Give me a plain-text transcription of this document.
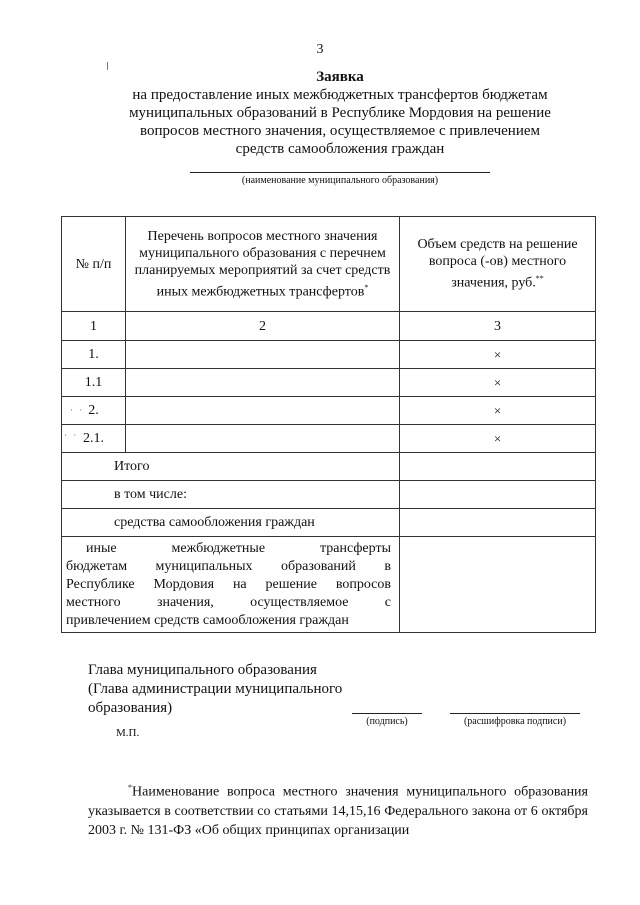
3
Заявка
на предоставление иных межбюджетных трансфертов бюджетам
муниципальных образований в Республике Мордовия на решение
вопросов местного значения, осуществляемое с привлечением
средств самообложения граждан
(наименование муниципального образования)
№ п/п	Перечень вопросов местного значения муниципального образования с перечнем планируемых мероприятий за счет средств иных межбюджетных трансфертов*	Объем средств на решение вопроса (-ов) местного значения, руб.**
1	2	3
1.		×
1.1		×
2.		×
2.1.		×
Итого		
в том числе:		
средства самообложения граждан		

иные межбюджетные трансферты
бюджетам муниципальных образований в
Республике Мордовия на решение вопросов
местного значения, осуществляемое с
привлечением средств самообложения граждан		

· ·
· ·
Глава муниципального образования
(Глава администрации муниципального
образования)
(подпись)	(расшифровка подписи)
М.П.
*Наименование вопроса местного значения муниципального образования указывается в соответствии со статьями 14,15,16 Федерального закона от 6 октября 2003 г. № 131-ФЗ «Об общих принципах организации
